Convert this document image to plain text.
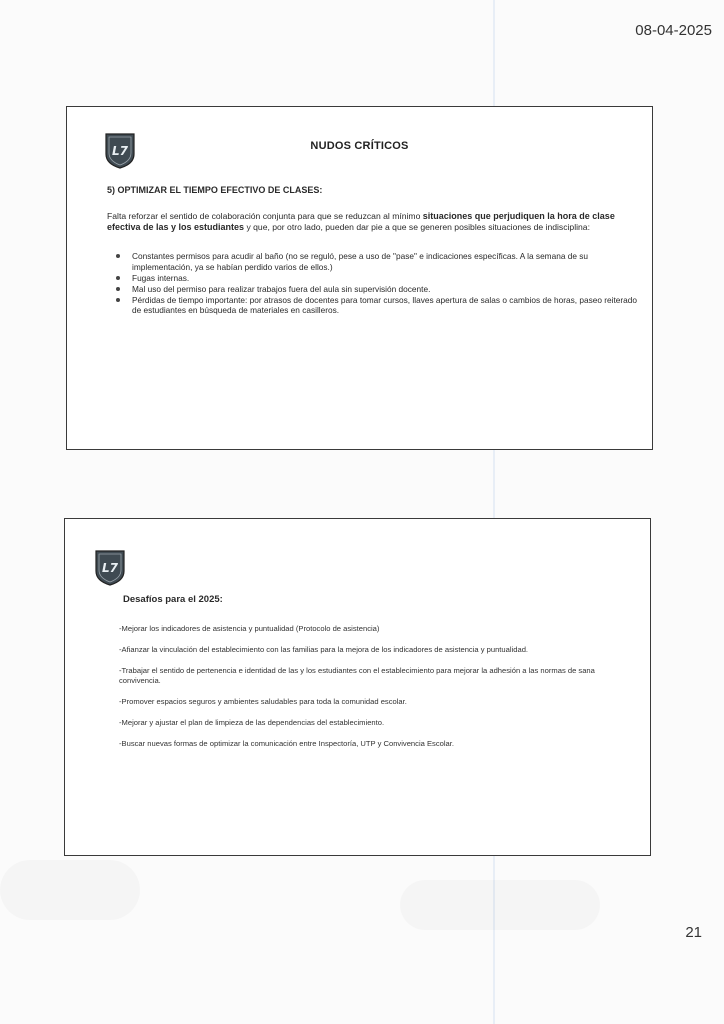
08-04-2025
L7	NUDOS CRÍTICOS
5) OPTIMIZAR EL TIEMPO EFECTIVO DE CLASES:

Falta reforzar el sentido de colaboración conjunta para que se reduzcan al mínimo situaciones que perjudiquen la hora de clase efectiva de las y los estudiantes y que, por otro lado, pueden dar pie a que se generen posibles situaciones de indisciplina:

Constantes permisos para acudir al baño (no se reguló, pese a uso de "pase" e indicaciones específicas. A la semana de su implementación, ya se habían perdido varios de ellos.)
Fugas internas.
Mal uso del permiso para realizar trabajos fuera del aula sin supervisión docente.
Pérdidas de tiempo importante: por atrasos de docentes para tomar cursos, llaves apertura de salas o cambios de horas, paseo reiterado de estudiantes en búsqueda de materiales en casilleros.
L7
Desafíos para el 2025:

-Mejorar los indicadores de asistencia y puntualidad (Protocolo de asistencia)

-Afianzar la vinculación del establecimiento con las familias para la mejora de los indicadores de asistencia y puntualidad.

-Trabajar el sentido de pertenencia e identidad de las y los estudiantes con el establecimiento para mejorar la adhesión a las normas de sana convivencia.

-Promover espacios seguros y ambientes saludables para toda la comunidad escolar.

-Mejorar y ajustar el plan de limpieza de las dependencias del establecimiento.

-Buscar nuevas formas de optimizar la comunicación entre Inspectoría, UTP y Convivencia Escolar.

21
